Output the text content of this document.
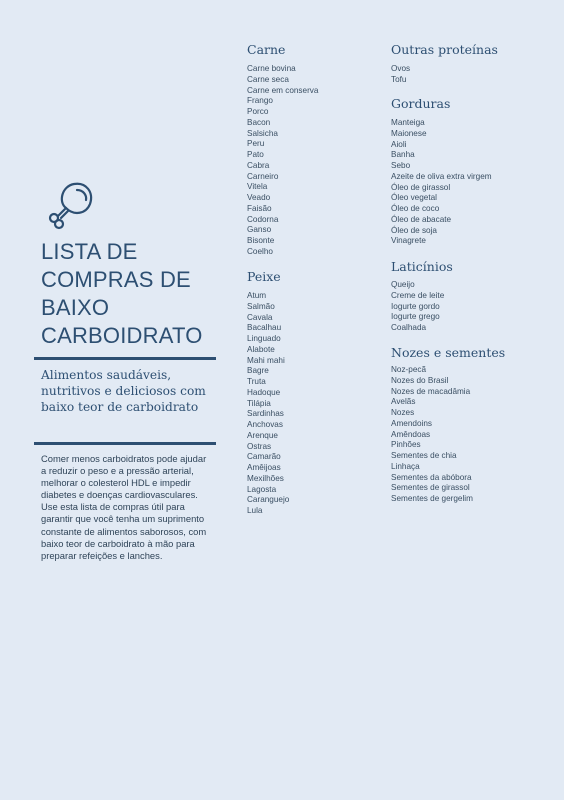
LISTA DE
COMPRAS DE
BAIXO
CARBOIDRATO

Alimentos saudáveis, nutritivos e deliciosos com baixo teor de carboidrato

Comer menos carboidratos pode ajudar a reduzir o peso e a pressão arterial, melhorar o colesterol HDL e impedir diabetes e doenças cardiovasculares. Use esta lista de compras útil para garantir que você tenha um suprimento constante de alimentos saborosos, com baixo teor de carboidrato à mão para preparar refeições e lanches.

Carne
Carne bovina
Carne seca
Carne em conserva
Frango
Porco
Bacon
Salsicha
Peru
Pato
Cabra
Carneiro
Vitela
Veado
Faisão
Codorna
Ganso
Bisonte
Coelho
Peixe
Atum
Salmão
Cavala
Bacalhau
Linguado
Alabote
Mahi mahi
Bagre
Truta
Hadoque
Tilápia
Sardinhas
Anchovas
Arenque
Ostras
Camarão
Amêijoas
Mexilhões
Lagosta
Caranguejo
Lula
Outras proteínas
Ovos
Tofu
Gorduras
Manteiga
Maionese
Aioli
Banha
Sebo
Azeite de oliva extra virgem
Óleo de girassol
Óleo vegetal
Óleo de coco
Óleo de abacate
Óleo de soja
Vinagrete
Laticínios
Queijo
Creme de leite
Iogurte gordo
Iogurte grego
Coalhada
Nozes e sementes
Noz-pecã
Nozes do Brasil
Nozes de macadâmia
Avelãs
Nozes
Amendoins
Amêndoas
Pinhões
Sementes de chia
Linhaça
Sementes da abóbora
Sementes de girassol
Sementes de gergelim
